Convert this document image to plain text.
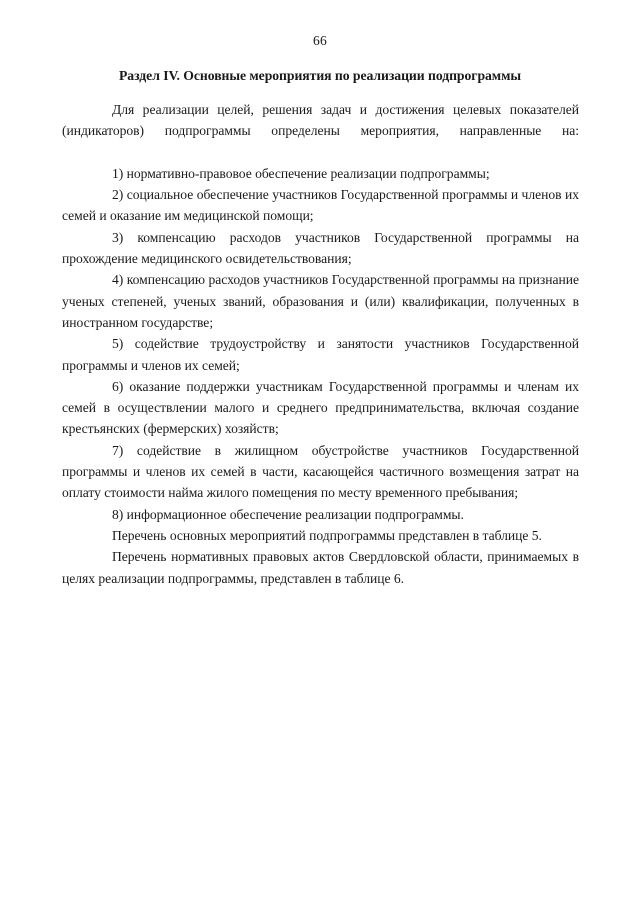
66
Раздел IV. Основные мероприятия по реализации подпрограммы

Для реализации целей, решения задач и достижения целевых показателей (индикаторов) подпрограммы определены мероприятия, направленные на:

1) нормативно-правовое обеспечение реализации подпрограммы;

2) социальное обеспечение участников Государственной программы и членов их семей и оказание им медицинской помощи;

3) компенсацию расходов участников Государственной программы на прохождение медицинского освидетельствования;

4) компенсацию расходов участников Государственной программы на признание ученых степеней, ученых званий, образования и (или) квалификации, полученных в иностранном государстве;

5) содействие трудоустройству и занятости участников Государственной программы и членов их семей;

6) оказание поддержки участникам Государственной программы и членам их семей в осуществлении малого и среднего предпринимательства, включая создание крестьянских (фермерских) хозяйств;

7) содействие в жилищном обустройстве участников Государственной программы и членов их семей в части, касающейся частичного возмещения затрат на оплату стоимости найма жилого помещения по месту временного пребывания;

8) информационное обеспечение реализации подпрограммы.

Перечень основных мероприятий подпрограммы представлен в таблице 5.

Перечень нормативных правовых актов Свердловской области, принимаемых в целях реализации подпрограммы, представлен в таблице 6.
